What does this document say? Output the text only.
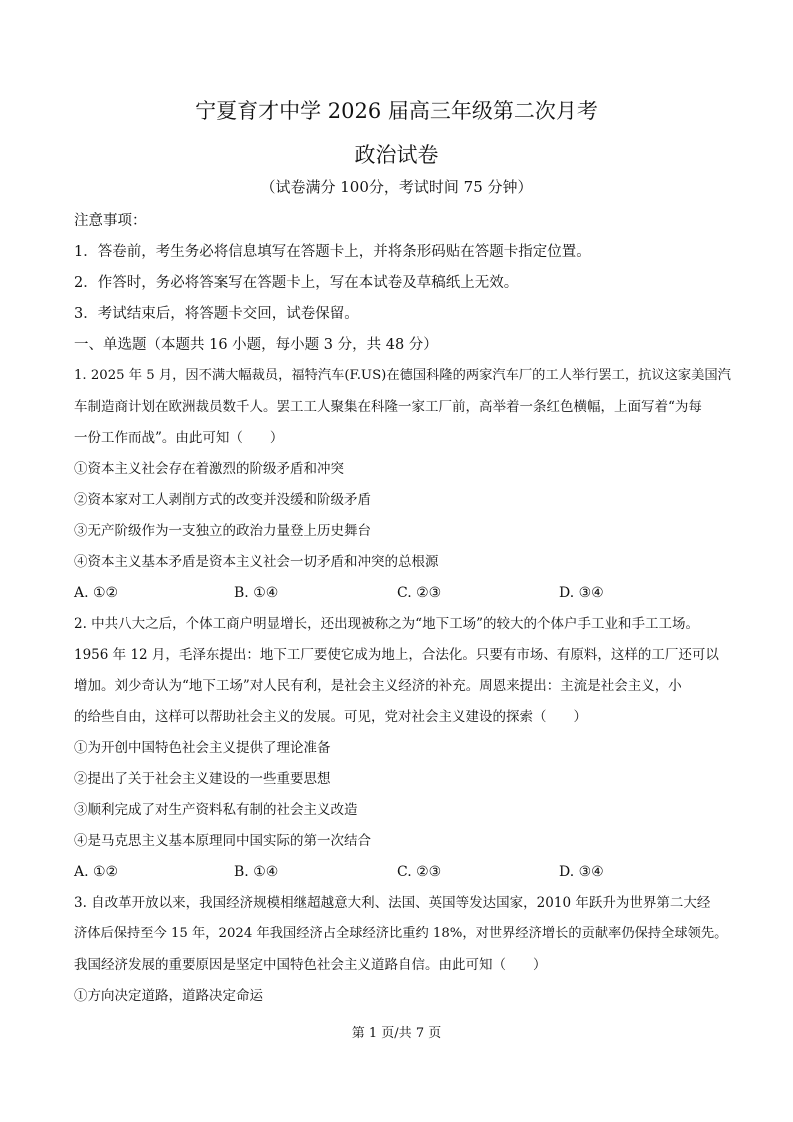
宁夏育才中学 2026 届高三年级第二次月考
政治试卷
（试卷满分 100分，考试时间 75 分钟）
注意事项：
1．答卷前，考生务必将信息填写在答题卡上，并将条形码贴在答题卡指定位置。
2．作答时，务必将答案写在答题卡上，写在本试卷及草稿纸上无效。
3．考试结束后，将答题卡交回，试卷保留。
一、单选题（本题共 16 小题，每小题 3 分，共 48 分）
1. 2025 年 5 月，因不满大幅裁员，福特汽车(F.US)在德国科隆的两家汽车厂的工人举行罢工，抗议这家美国汽
车制造商计划在欧洲裁员数千人。罢工工人聚集在科隆一家工厂前，高举着一条红色横幅，上面写着“为每
一份工作而战”。由此可知（　　）
①资本主义社会存在着激烈的阶级矛盾和冲突
②资本家对工人剥削方式的改变并没缓和阶级矛盾
③无产阶级作为一支独立的政治力量登上历史舞台
④资本主义基本矛盾是资本主义社会一切矛盾和冲突的总根源
A. ①②	B. ①④	C. ②③	D. ③④
2. 中共八大之后，个体工商户明显增长，还出现被称之为“地下工场”的较大的个体户手工业和手工工场。
1956 年 12 月，毛泽东提出：地下工厂要使它成为地上，合法化。只要有市场、有原料，这样的工厂还可以
增加。刘少奇认为“地下工场”对人民有利，是社会主义经济的补充。周恩来提出：主流是社会主义，小
的给些自由，这样可以帮助社会主义的发展。可见，党对社会主义建设的探索（　　）
①为开创中国特色社会主义提供了理论准备
②提出了关于社会主义建设的一些重要思想
③顺利完成了对生产资料私有制的社会主义改造
④是马克思主义基本原理同中国实际的第一次结合
A. ①②	B. ①④	C. ②③	D. ③④
3. 自改革开放以来，我国经济规模相继超越意大利、法国、英国等发达国家，2010 年跃升为世界第二大经
济体后保持至今 15 年，2024 年我国经济占全球经济比重约 18%，对世界经济增长的贡献率仍保持全球领先。
我国经济发展的重要原因是坚定中国特色社会主义道路自信。由此可知（　　）
①方向决定道路，道路决定命运
第 1 页/共 7 页
